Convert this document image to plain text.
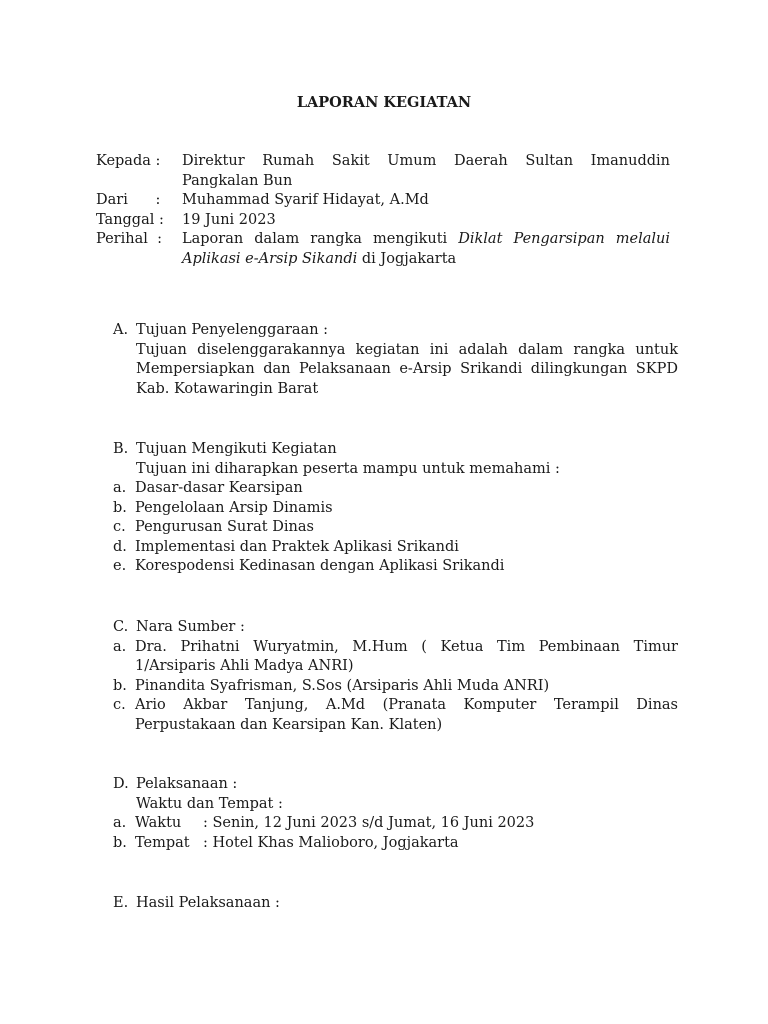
LAPORAN KEGIATAN
Kepada :	Direktur Rumah Sakit Umum Daerah Sultan Imanuddin Pangkalan Bun
Dari      :	Muhammad Syarif Hidayat, A.Md
Tanggal :	19 Juni 2023
Perihal  :	Laporan dalam rangka mengikuti Diklat Pengarsipan melalui Aplikasi e-Arsip Sikandi di Jogjakarta
A. Tujuan Penyelenggaraan :
Tujuan diselenggarakannya kegiatan ini adalah dalam rangka untuk Mempersiapkan dan Pelaksanaan e-Arsip Srikandi dilingkungan SKPD Kab. Kotawaringin Barat
B. Tujuan Mengikuti Kegiatan
Tujuan ini diharapkan peserta mampu untuk memahami :
a. Dasar-dasar Kearsipan
b. Pengelolaan Arsip Dinamis
c. Pengurusan Surat Dinas
d. Implementasi dan Praktek Aplikasi Srikandi
e. Korespodensi Kedinasan dengan Aplikasi Srikandi
C. Nara Sumber :
a. Dra. Prihatni Wuryatmin, M.Hum ( Ketua Tim Pembinaan Timur 1/Arsiparis Ahli Madya ANRI)
b. Pinandita Syafrisman, S.Sos (Arsiparis Ahli Muda ANRI)
c. Ario Akbar Tanjung, A.Md (Pranata Komputer Terampil Dinas Perpustakaan dan Kearsipan Kan. Klaten)
D. Pelaksanaan :
Waktu dan Tempat :
a. Waktu : Senin, 12 Juni 2023 s/d Jumat, 16 Juni 2023
b. Tempat : Hotel Khas Malioboro, Jogjakarta
E. Hasil Pelaksanaan :
